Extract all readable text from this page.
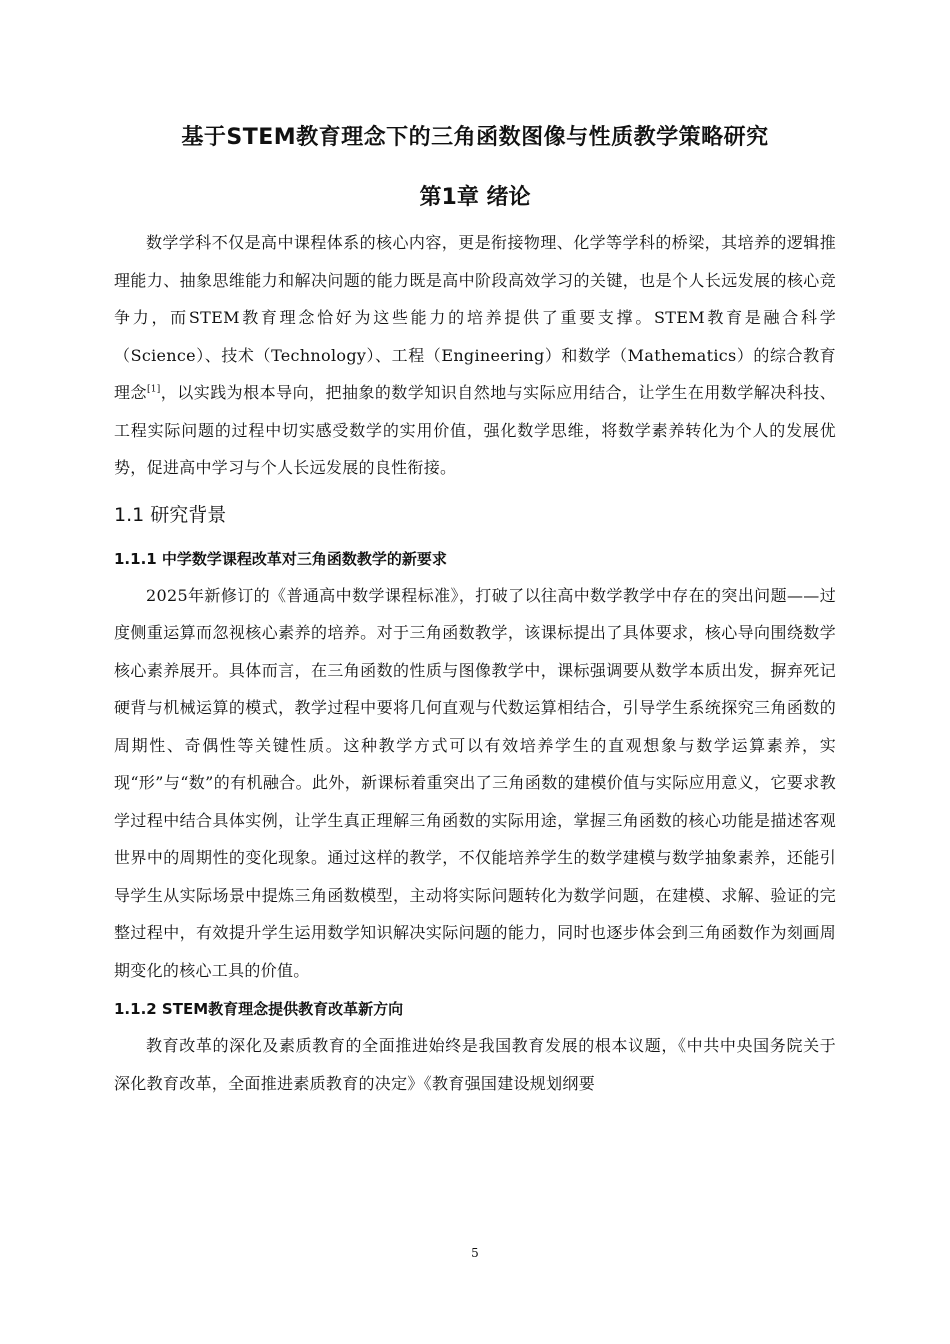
基于STEM教育理念下的三角函数图像与性质教学策略研究
第1章 绪论

数学学科不仅是高中课程体系的核心内容，更是衔接物理、化学等学科的桥梁，其培养的逻辑推理能力、抽象思维能力和解决问题的能力既是高中阶段高效学习的关键，也是个人长远发展的核心竞争力，而STEM教育理念恰好为这些能力的培养提供了重要支撑。STEM教育是融合科学（Science）、技术（Technology）、工程（Engineering）和数学（Mathematics）的综合教育理念[1]，以实践为根本导向，把抽象的数学知识自然地与实际应用结合，让学生在用数学解决科技、工程实际问题的过程中切实感受数学的实用价值，强化数学思维，将数学素养转化为个人的发展优势，促进高中学习与个人长远发展的良性衔接。

1.1 研究背景
1.1.1 中学数学课程改革对三角函数教学的新要求

2025年新修订的《普通高中数学课程标准》，打破了以往高中数学教学中存在的突出问题——过度侧重运算而忽视核心素养的培养。对于三角函数教学，该课标提出了具体要求，核心导向围绕数学核心素养展开。具体而言，在三角函数的性质与图像教学中，课标强调要从数学本质出发，摒弃死记硬背与机械运算的模式，教学过程中要将几何直观与代数运算相结合，引导学生系统探究三角函数的周期性、奇偶性等关键性质。这种教学方式可以有效培养学生的直观想象与数学运算素养，实现“形”与“数”的有机融合。此外，新课标着重突出了三角函数的建模价值与实际应用意义，它要求教学过程中结合具体实例，让学生真正理解三角函数的实际用途，掌握三角函数的核心功能是描述客观世界中的周期性的变化现象。通过这样的教学，不仅能培养学生的数学建模与数学抽象素养，还能引导学生从实际场景中提炼三角函数模型，主动将实际问题转化为数学问题，在建模、求解、验证的完整过程中，有效提升学生运用数学知识解决实际问题的能力，同时也逐步体会到三角函数作为刻画周期变化的核心工具的价值。

1.1.2 STEM教育理念提供教育改革新方向

教育改革的深化及素质教育的全面推进始终是我国教育发展的根本议题，《中共中央国务院关于深化教育改革，全面推进素质教育的决定》《教育强国建设规划纲要

5
